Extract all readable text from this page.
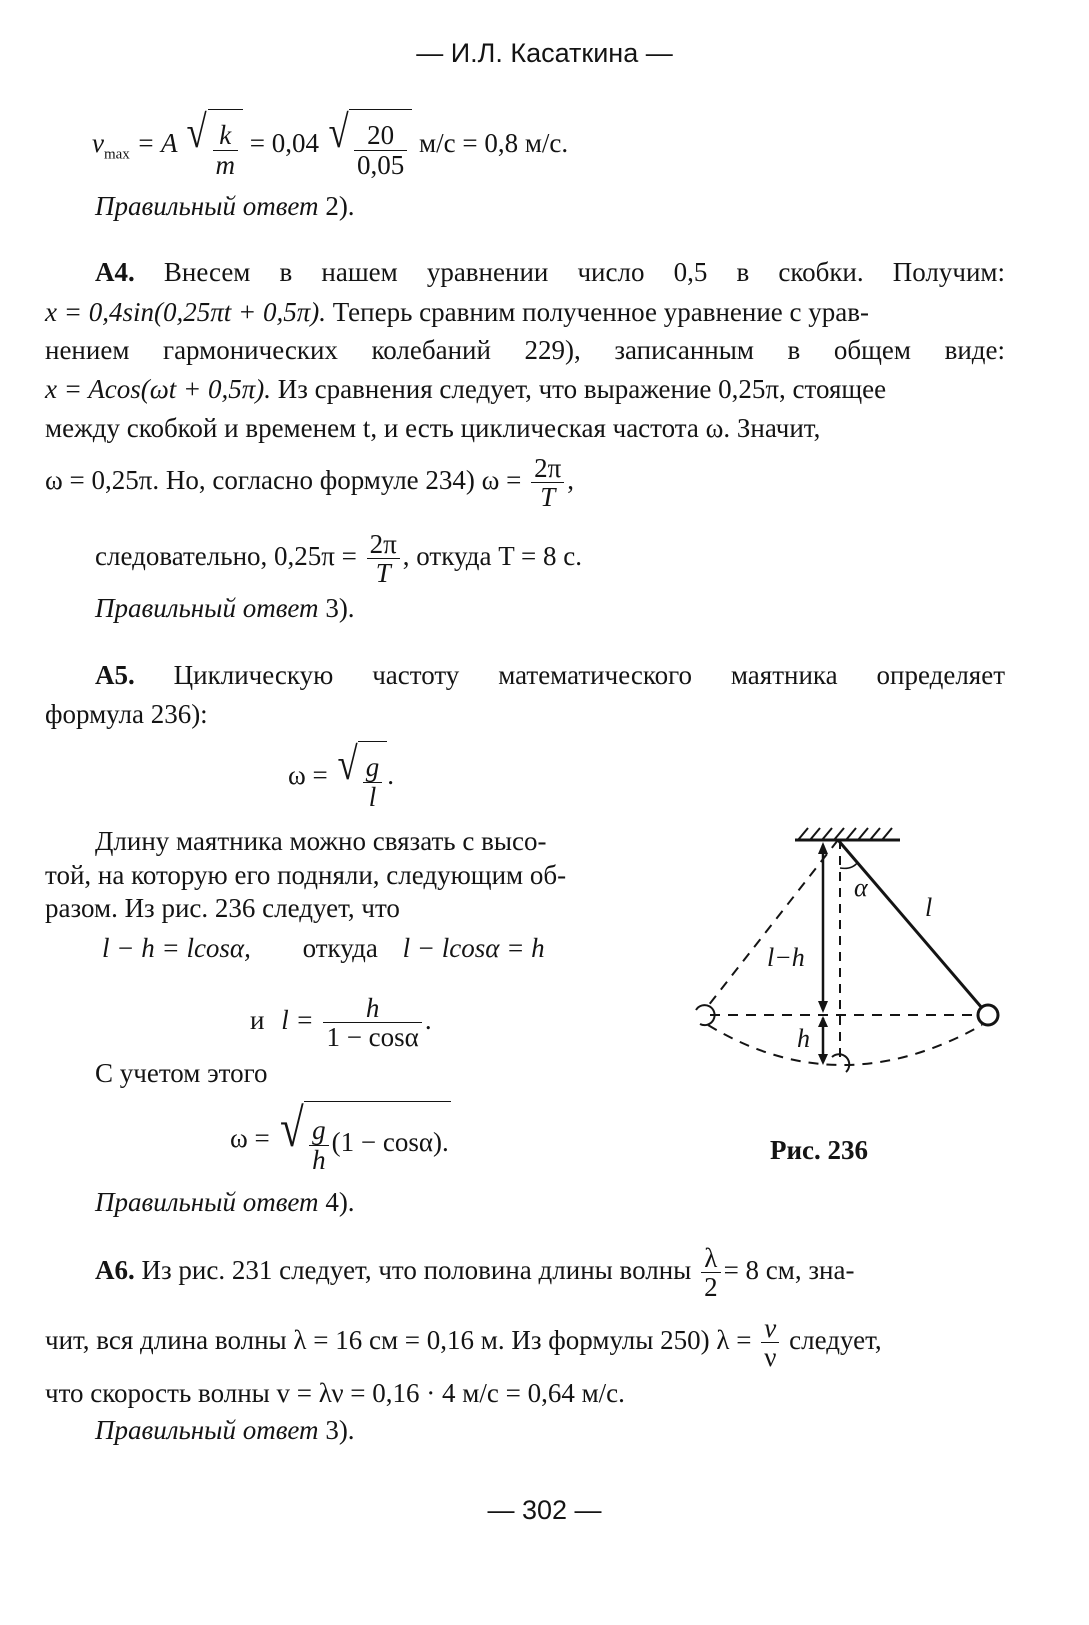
— И.Л. Касаткина —
$v_{max} = A$ √ $\frac{k}{m} = 0,04$ √ $\frac{20}{0,05} м/с = 0,8$ м/с.
Правильный ответ 2).
А4. Внесем в нашем уравнении число 0,5 в скобки. Получим:
x = 0,4sin(0,25πt + 0,5π). Теперь сравним полученное уравнение с урав-
нением гармонических колебаний 229), записанным в общем виде:
x = Acos(ωt + 0,5π). Из сравнения следует, что выражение 0,25π, стоящее
между скобкой и временем t, и есть циклическая частота ω. Значит,
ω = 0,25π. Но, согласно формуле 234) $\omega = \frac{2\pi}{T}$ ,
следовательно, $0,25\pi = \frac{2\pi}{T}$ , откуда T = 8 с.
Правильный ответ 3).
А5. Циклическую частоту математического маятника определяет
формула 236):
ω = √ $\frac{g}{l}$ .
Длину маятника можно связать с высо-
той, на которую его подняли, следующим об-
разом. Из рис. 236 следует, что
l − h = lcosα, откуда l − lcosα = h
и $l = \frac{h}{1 - \cos\alpha}$ .
С учетом этого
ω = √ $\frac{g}{h} (1 - \cos\alpha)$.
Правильный ответ 4).
α
l
l−h
h
Рис. 236
А6. Из рис. 231 следует, что половина длины волны $\frac{\lambda}{2} = 8$ см, зна-
чит, вся длина волны λ = 16 см = 0,16 м. Из формулы 250) $\lambda = \frac{v}{\nu}$ следует,
что скорость волны v = λν = 0,16 · 4 м/с = 0,64 м/с.
Правильный ответ 3).
— 302 —
